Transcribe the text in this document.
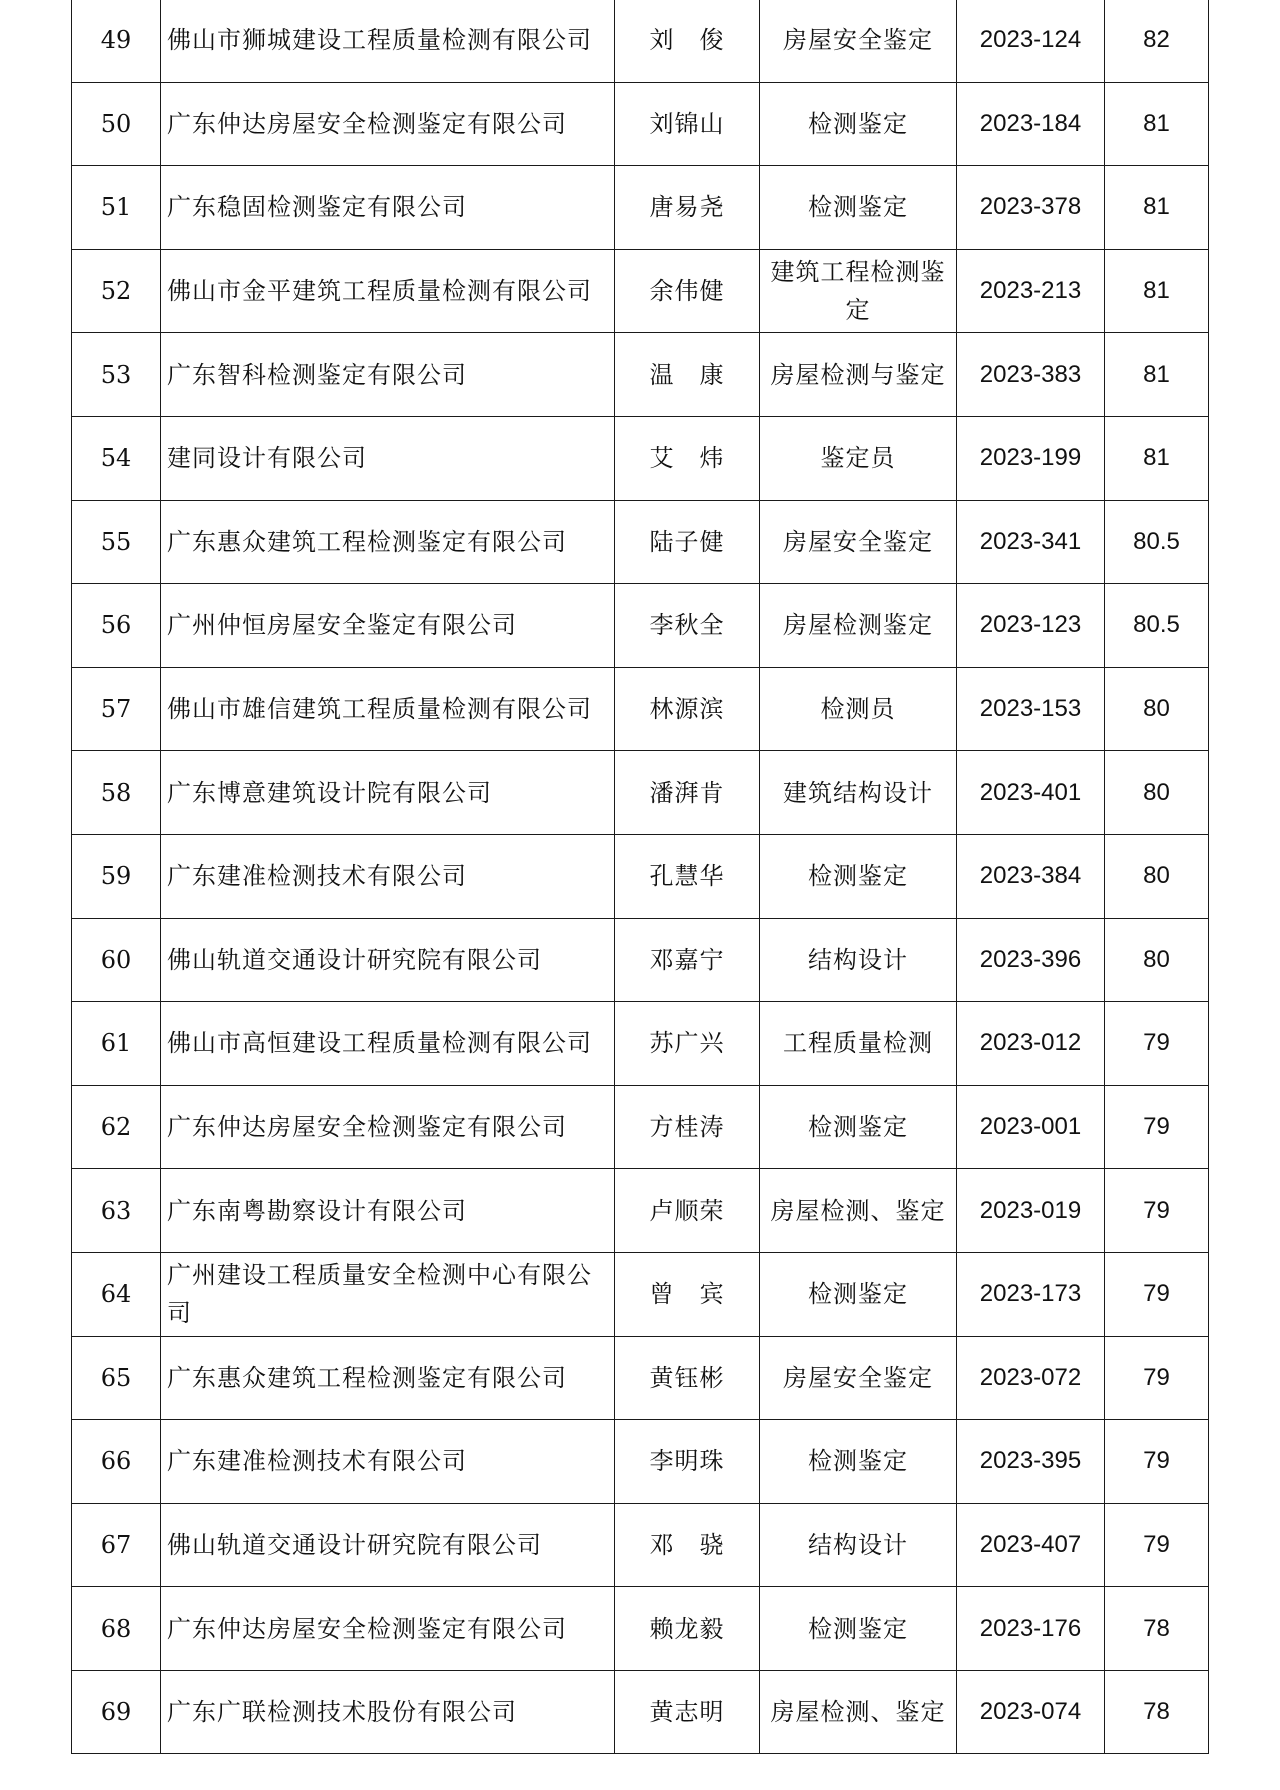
49	佛山市狮城建设工程质量检测有限公司	刘　俊	房屋安全鉴定	2023-124	82
50	广东仲达房屋安全检测鉴定有限公司	刘锦山	检测鉴定	2023-184	81
51	广东稳固检测鉴定有限公司	唐易尧	检测鉴定	2023-378	81
52	佛山市金平建筑工程质量检测有限公司	余伟健	建筑工程检测鉴定	2023-213	81
53	广东智科检测鉴定有限公司	温　康	房屋检测与鉴定	2023-383	81
54	建同设计有限公司	艾　炜	鉴定员	2023-199	81
55	广东惠众建筑工程检测鉴定有限公司	陆子健	房屋安全鉴定	2023-341	80.5
56	广州仲恒房屋安全鉴定有限公司	李秋全	房屋检测鉴定	2023-123	80.5
57	佛山市雄信建筑工程质量检测有限公司	林源滨	检测员	2023-153	80
58	广东博意建筑设计院有限公司	潘湃肯	建筑结构设计	2023-401	80
59	广东建准检测技术有限公司	孔慧华	检测鉴定	2023-384	80
60	佛山轨道交通设计研究院有限公司	邓嘉宁	结构设计	2023-396	80
61	佛山市高恒建设工程质量检测有限公司	苏广兴	工程质量检测	2023-012	79
62	广东仲达房屋安全检测鉴定有限公司	方桂涛	检测鉴定	2023-001	79
63	广东南粤勘察设计有限公司	卢顺荣	房屋检测、鉴定	2023-019	79
64	广州建设工程质量安全检测中心有限公司	曾　宾	检测鉴定	2023-173	79
65	广东惠众建筑工程检测鉴定有限公司	黄钰彬	房屋安全鉴定	2023-072	79
66	广东建准检测技术有限公司	李明珠	检测鉴定	2023-395	79
67	佛山轨道交通设计研究院有限公司	邓　骁	结构设计	2023-407	79
68	广东仲达房屋安全检测鉴定有限公司	赖龙毅	检测鉴定	2023-176	78
69	广东广联检测技术股份有限公司	黄志明	房屋检测、鉴定	2023-074	78
